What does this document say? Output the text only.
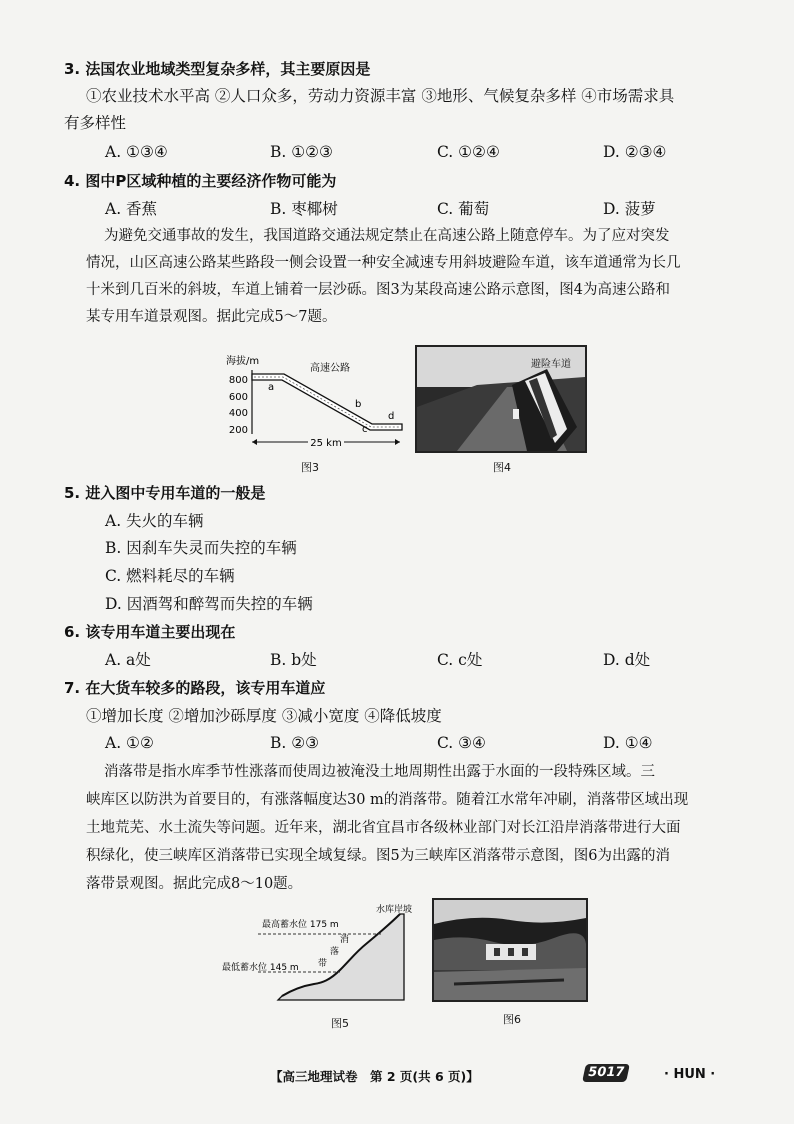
3. 法国农业地域类型复杂多样，其主要原因是
①农业技术水平高 ②人口众多，劳动力资源丰富 ③地形、气候复杂多样 ④市场需求具
有多样性
A. ①③④	B. ①②③	C. ①②④	D. ②③④
4. 图中P区域种植的主要经济作物可能为
A. 香蕉	B. 枣椰树	C. 葡萄	D. 菠萝
为避免交通事故的发生，我国道路交通法规定禁止在高速公路上随意停车。为了应对突发
情况，山区高速公路某些路段一侧会设置一种安全减速专用斜坡避险车道，该车道通常为长几
十米到几百米的斜坡，车道上铺着一层沙砾。图3为某段高速公路示意图，图4为高速公路和
某专用车道景观图。据此完成5～7题。
海拔/m
800
600
400
200
高速公路
a
b
c
d
25 km
图3
避险车道
图4
5. 进入图中专用车道的一般是
A. 失火的车辆
B. 因刹车失灵而失控的车辆
C. 燃料耗尽的车辆
D. 因酒驾和醉驾而失控的车辆
6. 该专用车道主要出现在
A. a处	B. b处	C. c处	D. d处
7. 在大货车较多的路段，该专用车道应
①增加长度 ②增加沙砾厚度 ③减小宽度 ④降低坡度
A. ①②	B. ②③	C. ③④	D. ①④
消落带是指水库季节性涨落而使周边被淹没土地周期性出露于水面的一段特殊区域。三
峡库区以防洪为首要目的，有涨落幅度达30 m的消落带。随着江水常年冲刷，消落带区域出现
土地荒芜、水土流失等问题。近年来，湖北省宜昌市各级林业部门对长江沿岸消落带进行大面
积绿化，使三峡库区消落带已实现全域复绿。图5为三峡库区消落带示意图，图6为出露的消
落带景观图。据此完成8～10题。
水库岸坡
最高蓄水位 175 m
最低蓄水位 145 m
消
落
带
图5	图6
【高三地理试卷　第 2 页(共 6 页)】	5017	· HUN ·
